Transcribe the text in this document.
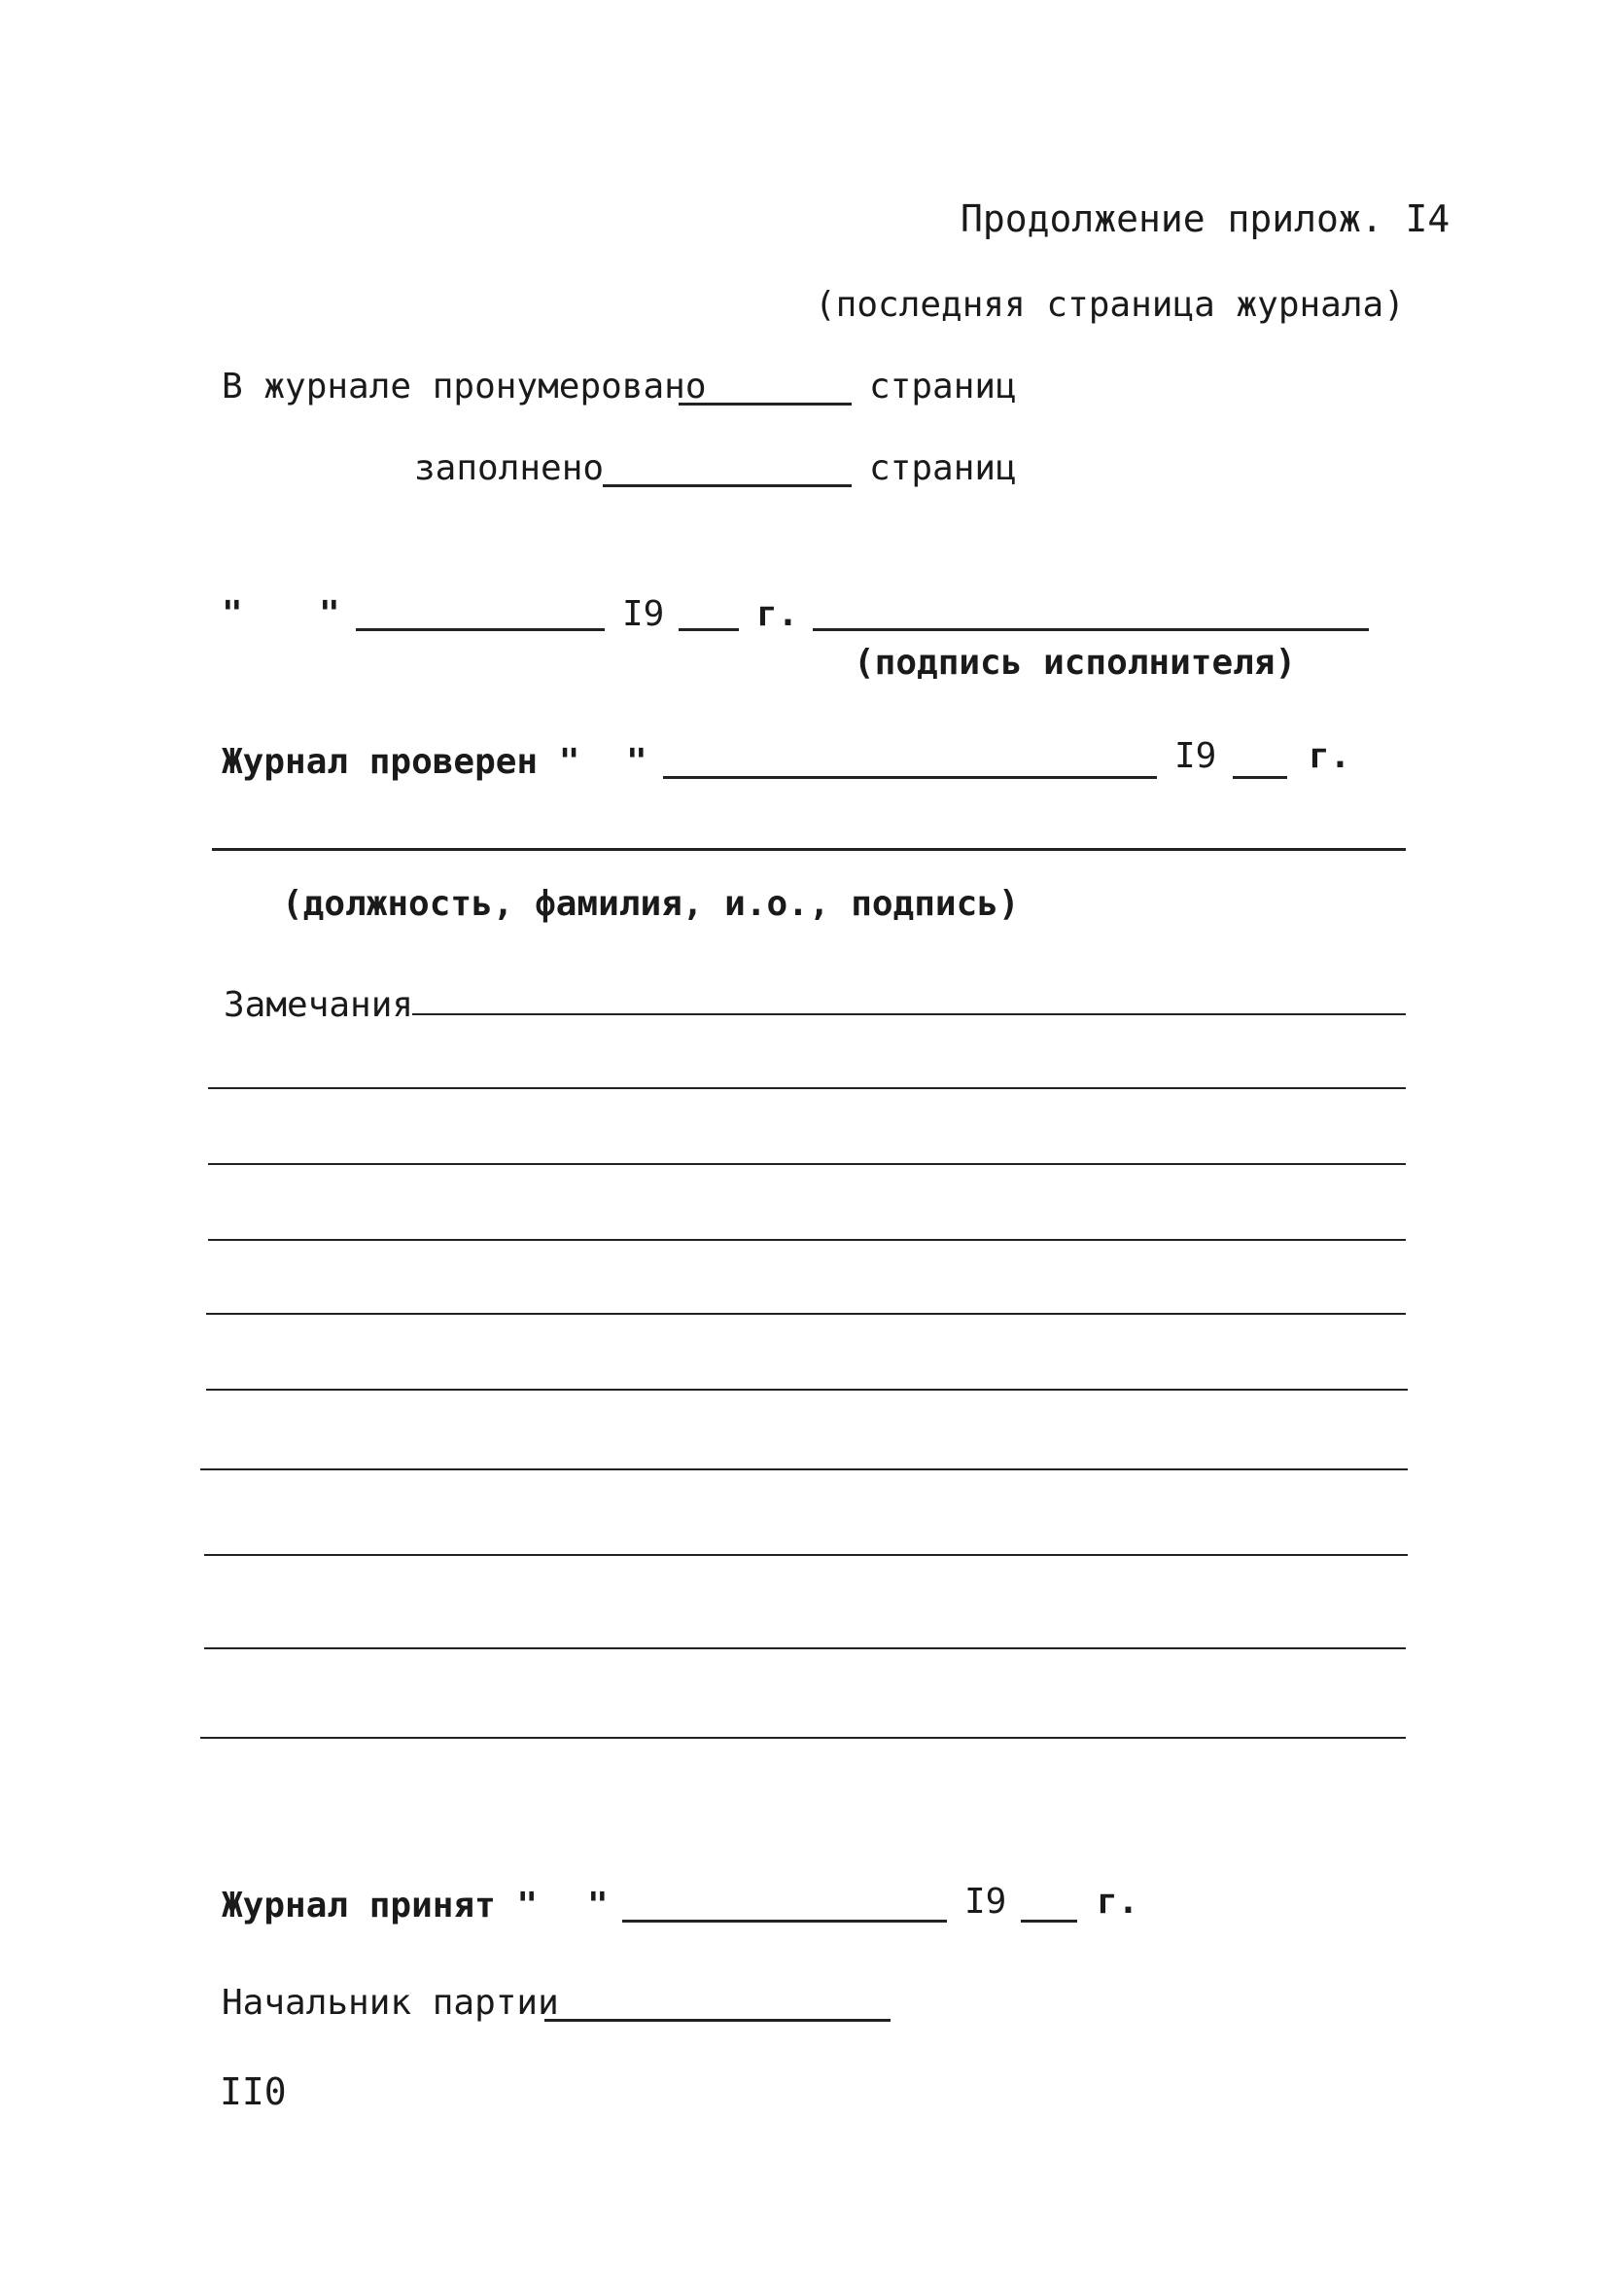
Продолжение прилож. I4
(последняя страница журнала)
В журнале пронумеровано	страниц
заполнено	страниц
" "	I9	г.
(подпись исполнителя)
Журнал проверен " "	I9	г.
(должность, фамилия, и.о., подпись)
Замечания
Журнал принят " "	I9	г.
Начальник партии
II0
